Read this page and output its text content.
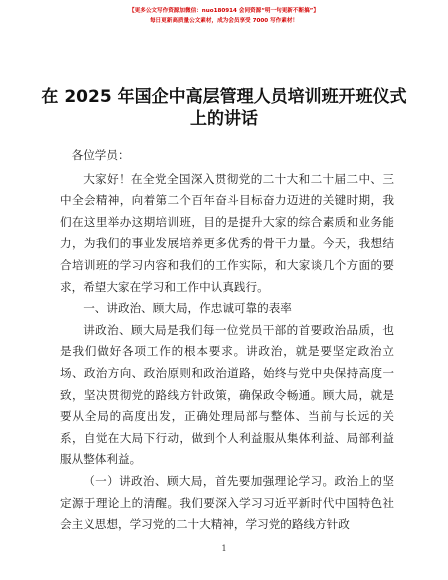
【更多公文写作资源加微信：nuo180914 会同资源“明一句更新不断搞”】
每日更新高质量公文素材，成为会员享受 7000 写作素材！
在 2025 年国企中高层管理人员培训班开班仪式上的讲话

各位学员：

大家好！在全党全国深入贯彻党的二十大和二十届二中、三中全会精神，向着第二个百年奋斗目标奋力迈进的关键时期，我们在这里举办这期培训班，目的是提升大家的综合素质和业务能力，为我们的事业发展培养更多优秀的骨干力量。今天，我想结合培训班的学习内容和我们的工作实际，和大家谈几个方面的要求，希望大家在学习和工作中认真践行。

一、讲政治、顾大局，作忠诚可靠的表率

讲政治、顾大局是我们每一位党员干部的首要政治品质，也是我们做好各项工作的根本要求。讲政治，就是要坚定政治立场、政治方向、政治原则和政治道路，始终与党中央保持高度一致，坚决贯彻党的路线方针政策，确保政令畅通。顾大局，就是要从全局的高度出发，正确处理局部与整体、当前与长远的关系，自觉在大局下行动，做到个人利益服从集体利益、局部利益服从整体利益。

（一）讲政治、顾大局，首先要加强理论学习。政治上的坚定源于理论上的清醒。我们要深入学习习近平新时代中国特色社会主义思想，学习党的二十大精神，学习党的路线方针政

1
